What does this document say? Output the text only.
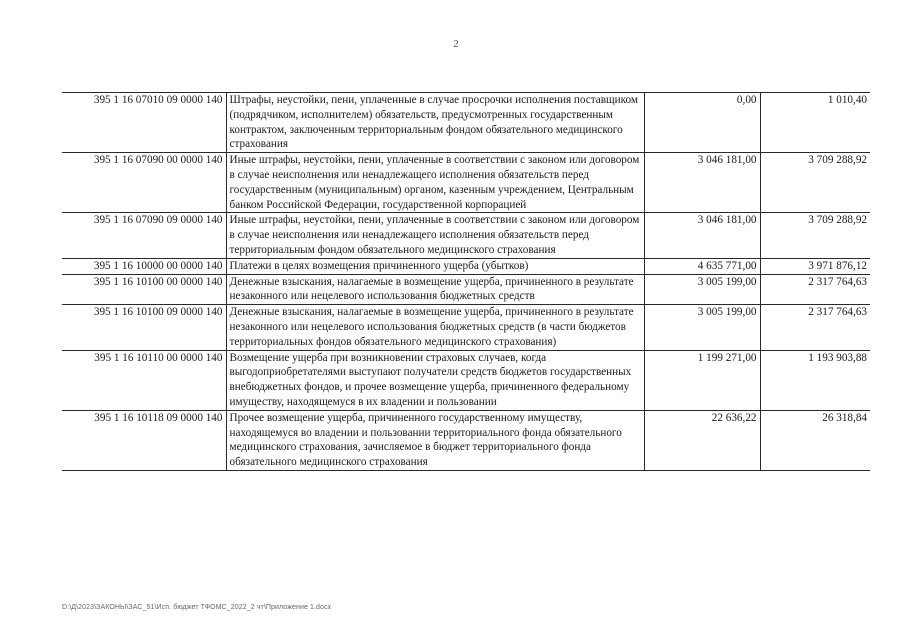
2
395 1 16 07010 09 0000 140	Штрафы, неустойки, пени, уплаченные в случае просрочки исполнения поставщиком (подрядчиком, исполнителем) обязательств, предусмотренных государственным контрактом, заключенным территориальным фондом обязательного медицинского страхования	0,00	1 010,40
395 1 16 07090 00 0000 140	Иные штрафы, неустойки, пени, уплаченные в соответствии с законом или договором в случае неисполнения или ненадлежащего исполнения обязательств перед государственным (муниципальным) органом, казенным учреждением, Центральным банком Российской Федерации, государственной корпорацией	3 046 181,00	3 709 288,92
395 1 16 07090 09 0000 140	Иные штрафы, неустойки, пени, уплаченные в соответствии с законом или договором в случае неисполнения или ненадлежащего исполнения обязательств перед территориальным фондом обязательного медицинского страхования	3 046 181,00	3 709 288,92
395 1 16 10000 00 0000 140	Платежи в целях возмещения причиненного ущерба (убытков)	4 635 771,00	3 971 876,12
395 1 16 10100 00 0000 140	Денежные взыскания, налагаемые в возмещение ущерба, причиненного в результате незаконного или нецелевого использования бюджетных средств	3 005 199,00	2 317 764,63
395 1 16 10100 09 0000 140	Денежные взыскания, налагаемые в возмещение ущерба, причиненного в результате незаконного или нецелевого использования бюджетных средств (в части бюджетов территориальных фондов обязательного медицинского страхования)	3 005 199,00	2 317 764,63
395 1 16 10110 00 0000 140	Возмещение ущерба при возникновении страховых случаев, когда выгодоприобретателями выступают получатели средств бюджетов государственных внебюджетных фондов, и прочее возмещение ущерба, причиненного федеральному имуществу, находящемуся в их владении и пользовании	1 199 271,00	1 193 903,88
395 1 16 10118 09 0000 140	Прочее возмещение ущерба, причиненного государственному имуществу, находящемуся во владении и пользовании территориального фонда обязательного медицинского страхования, зачисляемое в бюджет территориального фонда обязательного медицинского страхования	22 636,22	26 318,84
D:\Д\2023\ЗАКОНЫ\ЗАС_51\Исп. бюджет ТФОМС_2022_2 чт\Приложение 1.docx
